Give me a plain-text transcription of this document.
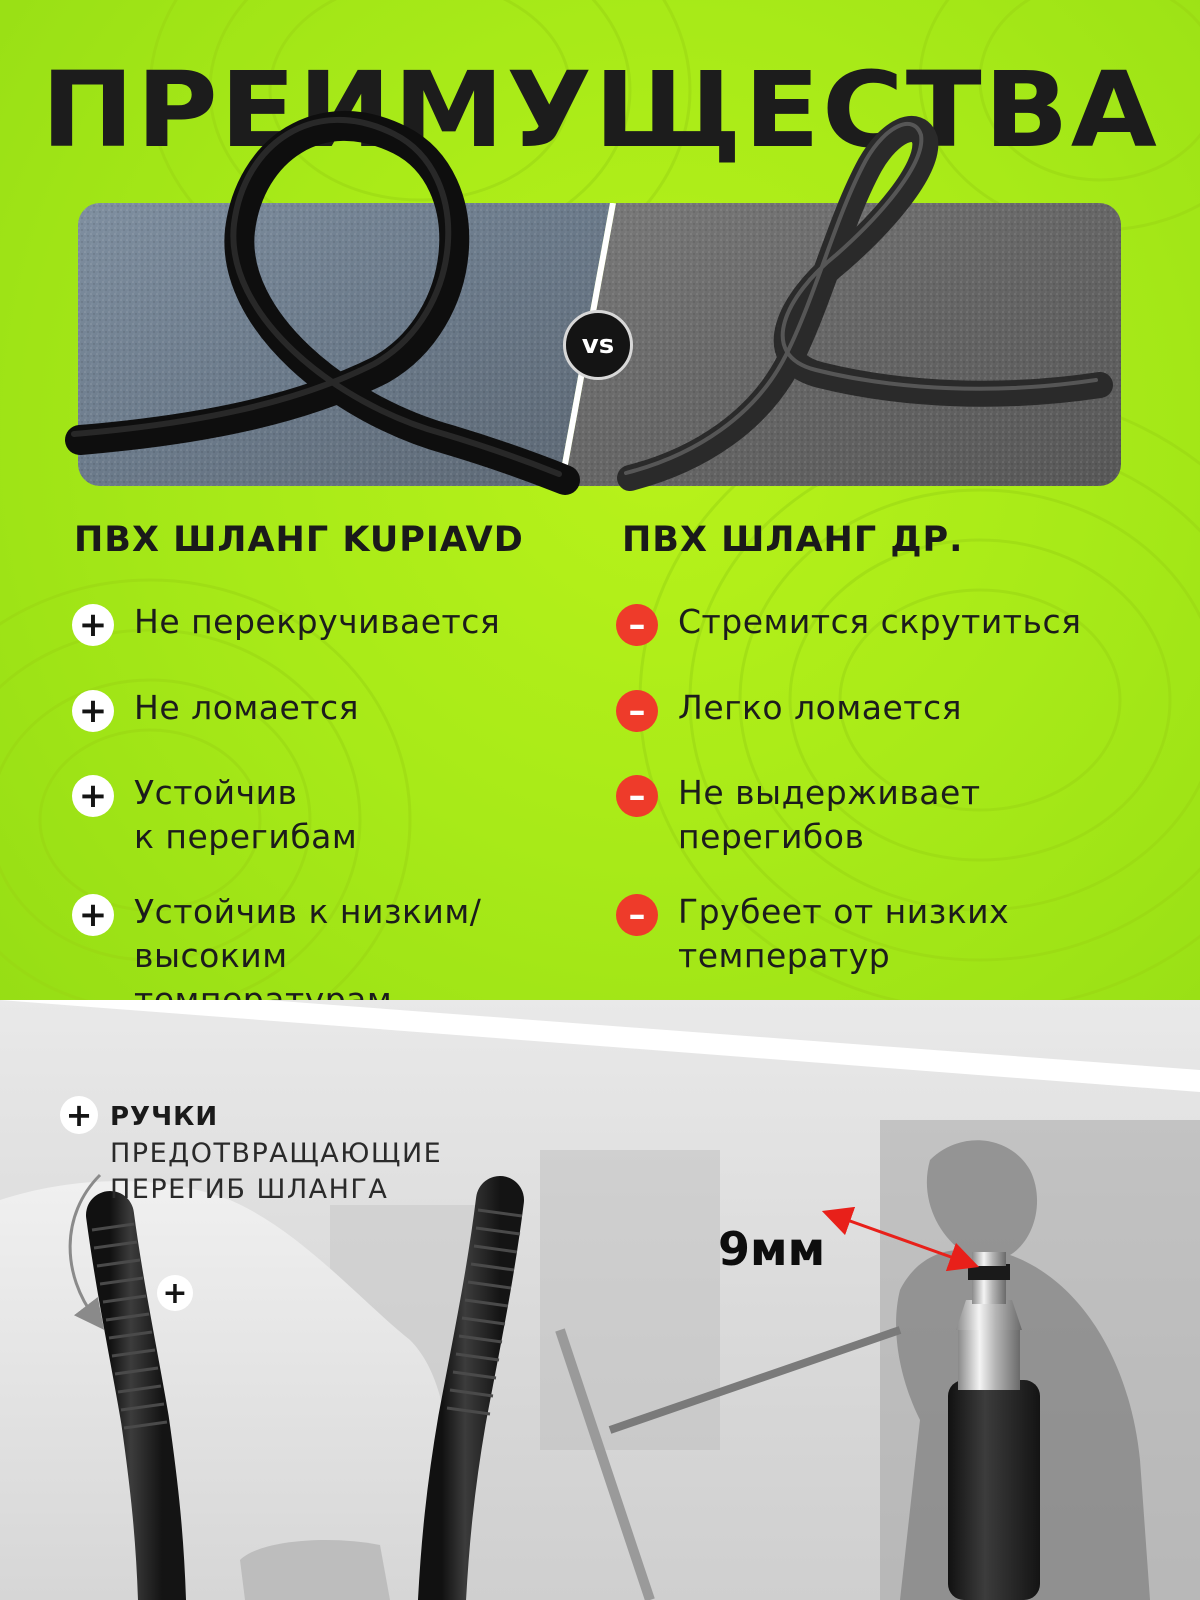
ПРЕИМУЩЕСТВА
vs
ПВХ ШЛАНГ KUPIAVD	ПВХ ШЛАНГ ДР.
+ Не перекручивается
+ Не ломается
+ Устойчив
к перегибам
+ Устойчив к низким/
высоким

– Стремится скрутиться
– Легко ломается
– Не выдерживает
перегибов
– Грубеет от низких
температур
+ РУЧКИ
ПРЕДОТВРАЩАЮЩИЕ
ПЕРЕГИБ ШЛАНГА
+
9мм
